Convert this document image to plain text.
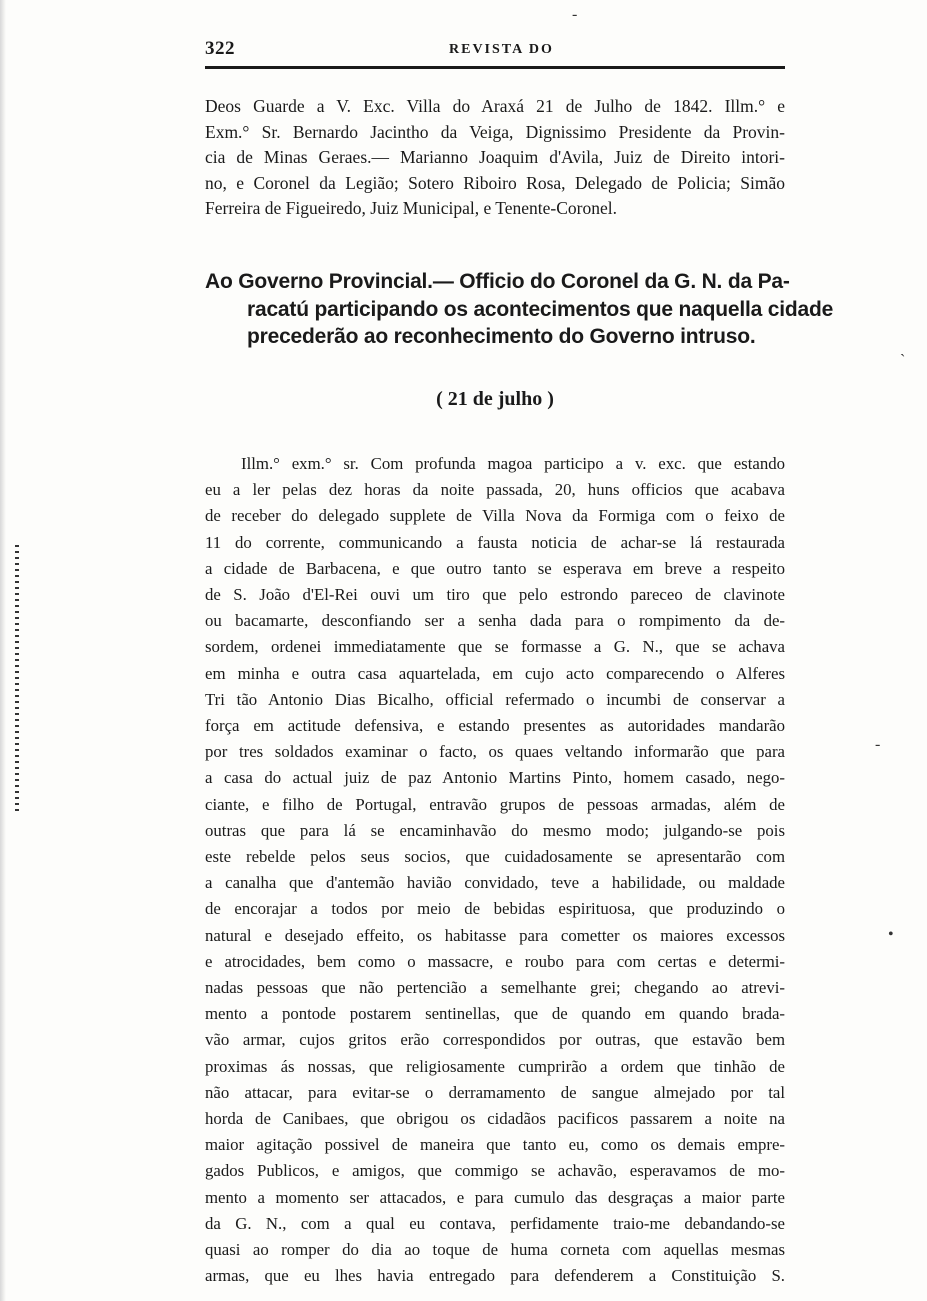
322	REVISTA DO
Deos Guarde a V. Exc. Villa do Araxá 21 de Julho de 1842. Illm.° e
Exm.° Sr. Bernardo Jacintho da Veiga, Dignissimo Presidente da Provin-
cia de Minas Geraes.— Marianno Joaquim d'Avila, Juiz de Direito intori-
no, e Coronel da Legião; Sotero Riboiro Rosa, Delegado de Policia; Simão
Ferreira de Figueiredo, Juiz Municipal, e Tenente-Coronel.
Ao Governo Provincial.— Officio do Coronel da G. N. da Pa-
racatú participando os acontecimentos que naquella cidade
precederão ao reconhecimento do Governo intruso.
( 21 de julho )
Illm.° exm.° sr. Com profunda magoa participo a v. exc. que estando
eu a ler pelas dez horas da noite passada, 20, huns officios que acabava
de receber do delegado supplete de Villa Nova da Formiga com o feixo de
11 do corrente, communicando a fausta noticia de achar-se lá restaurada
a cidade de Barbacena, e que outro tanto se esperava em breve a respeito
de S. João d'El-Rei ouvi um tiro que pelo estrondo pareceo de clavinote
ou bacamarte, desconfiando ser a senha dada para o rompimento da de-
sordem, ordenei immediatamente que se formasse a G. N., que se achava
em minha e outra casa aquartelada, em cujo acto comparecendo o Alferes
Tri tão Antonio Dias Bicalho, official refermado o incumbi de conservar a
força em actitude defensiva, e estando presentes as autoridades mandarão
por tres soldados examinar o facto, os quaes veltando informarão que para
a casa do actual juiz de paz Antonio Martins Pinto, homem casado, nego-
ciante, e filho de Portugal, entravão grupos de pessoas armadas, além de
outras que para lá se encaminhavão do mesmo modo; julgando-se pois
este rebelde pelos seus socios, que cuidadosamente se apresentarão com
a canalha que d'antemão havião convidado, teve a habilidade, ou maldade
de encorajar a todos por meio de bebidas espirituosa, que produzindo o
natural e desejado effeito, os habitasse para cometter os maiores excessos
e atrocidades, bem como o massacre, e roubo para com certas e determi-
nadas pessoas que não pertencião a semelhante grei; chegando ao atrevi-
mento a pontode postarem sentinellas, que de quando em quando brada-
vão armar, cujos gritos erão correspondidos por outras, que estavão bem
proximas ás nossas, que religiosamente cumprirão a ordem que tinhão de
não attacar, para evitar-se o derramamento de sangue almejado por tal
horda de Canibaes, que obrigou os cidadãos pacificos passarem a noite na
maior agitação possivel de maneira que tanto eu, como os demais empre-
gados Publicos, e amigos, que commigo se achavão, esperavamos de mo-
mento a momento ser attacados, e para cumulo das desgraças a maior parte
da G. N., com a qual eu contava, perfidamente traio-me debandando-se
quasi ao romper do dia ao toque de huma corneta com aquellas mesmas
armas, que eu lhes havia entregado para defenderem a Constituição S.
-
`
-
•
